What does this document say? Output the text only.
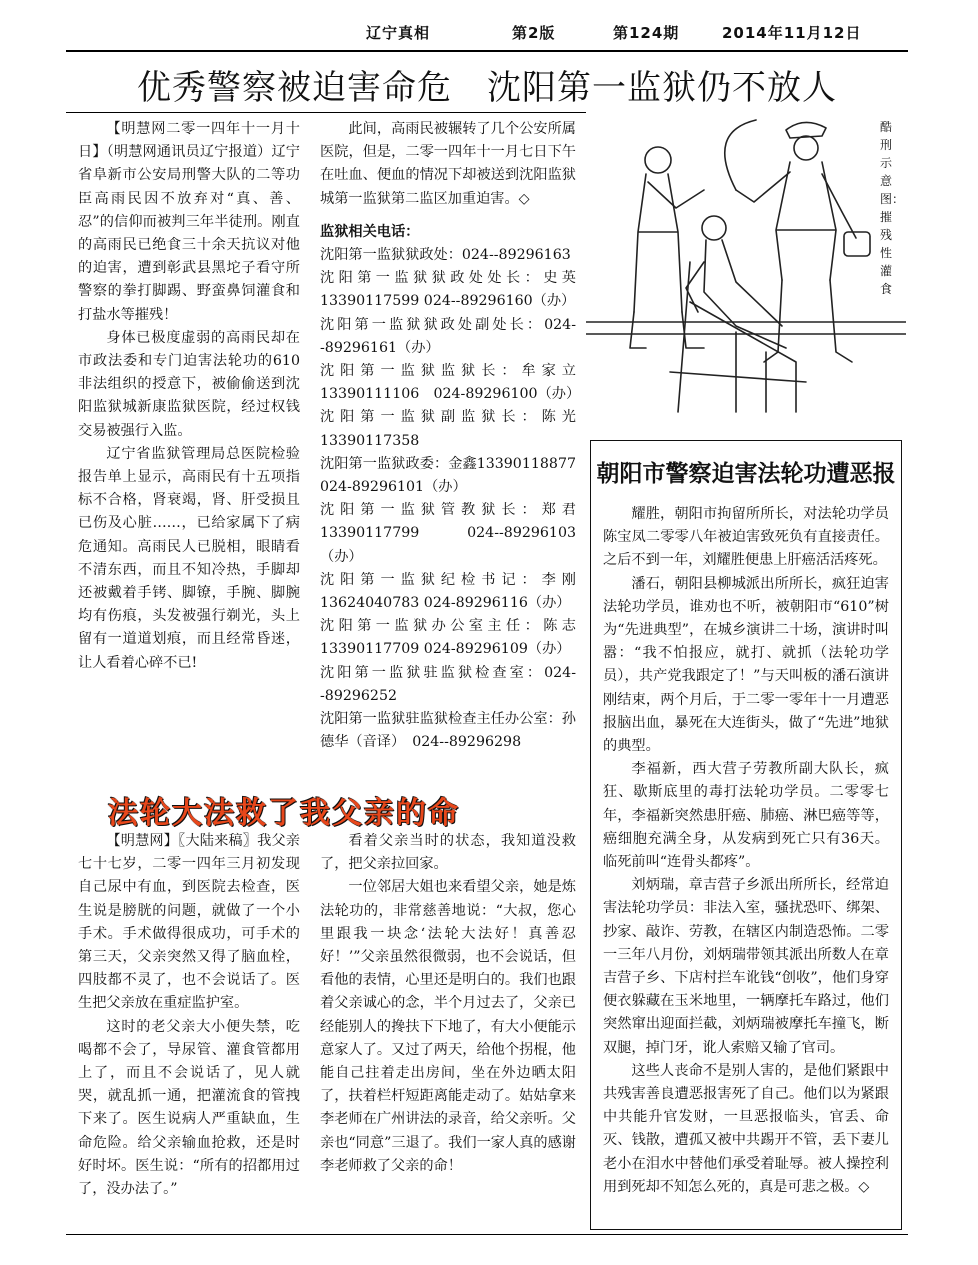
辽宁真相	第2版	第124期	2014年11月12日
优秀警察被迫害命危　沈阳第一监狱仍不放人

【明慧网二零一四年十一月十日】（明慧网通讯员辽宁报道）辽宁省阜新市公安局刑警大队的二等功臣高雨民因不放弃对“真、善、忍”的信仰而被判三年半徒刑。刚直的高雨民已绝食三十余天抗议对他的迫害，遭到彰武县黑坨子看守所警察的拳打脚踢、野蛮鼻饲灌食和打盐水等摧残！

身体已极度虚弱的高雨民却在市政法委和专门迫害法轮功的610非法组织的授意下，被偷偷送到沈阳监狱城新康监狱医院，经过权钱交易被强行入监。

辽宁省监狱管理局总医院检验报告单上显示，高雨民有十五项指标不合格，肾衰竭，肾、肝受损且已伤及心脏……，已给家属下了病危通知。高雨民人已脱相，眼睛看不清东西，而且不知冷热，手脚却还被戴着手铐、脚镣，手腕、脚腕均有伤痕，头发被强行剃光，头上留有一道道划痕，而且经常昏迷，让人看着心碎不已!

此间，高雨民被辗转了几个公安所属医院，但是，二零一四年十一月七日下午在吐血、便血的情况下却被送到沈阳监狱城第一监狱第二监区加重迫害。◇

监狱相关电话：

沈阳第一监狱狱政处：024--89296163

沈阳第一监狱狱政处处长：史英13390117599 024--89296160（办）

沈阳第一监狱狱政处副处长：024--89296161（办）

沈阳第一监狱监狱长：牟家立13390111106　024-89296100（办）

沈阳第一监狱副监狱长：陈光13390117358

沈阳第一监狱政委：金鑫13390118877 024-89296101（办）

沈阳第一监狱管教狱长：郑君13390117799　024--89296103（办）

沈阳第一监狱纪检书记：李刚13624040783 024-89296116（办）

沈阳第一监狱办公室主任：陈志13390117709 024-89296109（办）

沈阳第一监狱驻监狱检查室：024--89296252

沈阳第一监狱驻监狱检查主任办公室：孙德华（音译）　024--89296298

酷刑示意图：摧残性灌食
法轮大法救了我父亲的命

【明慧网】〖大陆来稿〗我父亲七十七岁，二零一四年三月初发现自己尿中有血，到医院去检查，医生说是膀胱的问题，就做了一个小手术。手术做得很成功，可手术的第三天，父亲突然又得了脑血栓，四肢都不灵了，也不会说话了。医生把父亲放在重症监护室。

这时的老父亲大小便失禁，吃喝都不会了，导尿管、灌食管都用上了，而且不会说话了，见人就哭，就乱抓一通，把灌流食的管拽下来了。医生说病人严重缺血，生命危险。给父亲输血抢救，还是时好时坏。医生说：“所有的招都用过了，没办法了。”

看着父亲当时的状态，我知道没救了，把父亲拉回家。

一位邻居大姐也来看望父亲，她是炼法轮功的，非常慈善地说：“大叔，您心里跟我一块念‘法轮大法好！真善忍好！’”父亲虽然很微弱，也不会说话，但看他的表情，心里还是明白的。我们也跟着父亲诚心的念，半个月过去了，父亲已经能别人的搀扶下下地了，有大小便能示意家人了。又过了两天，给他个拐棍，他能自己拄着走出房间，坐在外边晒太阳了，扶着栏杆短距离能走动了。姑姑拿来李老师在广州讲法的录音，给父亲听。父亲也“同意”三退了。我们一家人真的感谢李老师救了父亲的命！

朝阳市警察迫害法轮功遭恶报

耀胜，朝阳市拘留所所长，对法轮功学员陈宝凤二零零八年被迫害致死负有直接责任。之后不到一年，刘耀胜便患上肝癌活活疼死。

潘石，朝阳县柳城派出所所长，疯狂迫害法轮功学员，谁劝也不听，被朝阳市“610”树为“先进典型”，在城乡演讲二十场，演讲时叫嚣：“我不怕报应，就打、就抓（法轮功学员），共产党我跟定了！”与天叫板的潘石演讲刚结束，两个月后，于二零一零年十一月遭恶报脑出血，暴死在大连街头，做了“先进”地狱的典型。

李福新，西大营子劳教所副大队长，疯狂、歇斯底里的毒打法轮功学员。二零零七年，李福新突然患肝癌、肺癌、淋巴癌等等，癌细胞充满全身，从发病到死亡只有36天。临死前叫“连骨头都疼”。

刘炳瑞，章吉营子乡派出所所长，经常迫害法轮功学员：非法入室，骚扰恐吓、绑架、抄家、敲诈、劳教，在辖区内制造恐怖。二零一三年八月份，刘炳瑞带领其派出所数人在章吉营子乡、下店村拦车讹钱“创收”，他们身穿便衣躲藏在玉米地里，一辆摩托车路过，他们突然窜出迎面拦截，刘炳瑞被摩托车撞飞，断双腿，掉门牙，讹人索赔又输了官司。

这些人丧命不是别人害的，是他们紧跟中共残害善良遭恶报害死了自己。他们以为紧跟中共能升官发财，一旦恶报临头，官丢、命灭、钱散，遭孤又被中共踢开不管，丢下妻儿老小在泪水中替他们承受着耻辱。被人操控利用到死却不知怎么死的，真是可悲之极。◇
